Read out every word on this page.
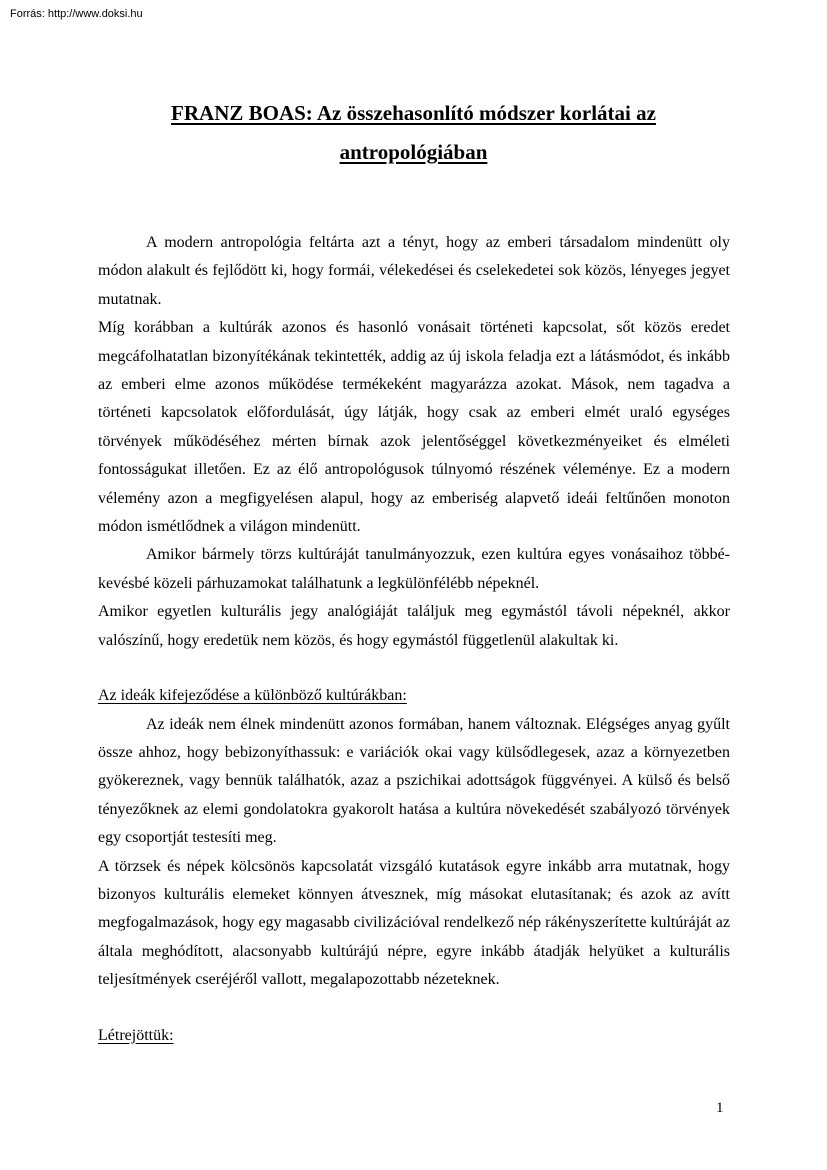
Forrás: http://www.doksi.hu
FRANZ BOAS: Az összehasonlító módszer korlátai az
antropológiában

A modern antropológia feltárta azt a tényt, hogy az emberi társadalom mindenütt oly módon alakult és fejlődött ki, hogy formái, vélekedései és cselekedetei sok közös, lényeges jegyet mutatnak.

Míg korábban a kultúrák azonos és hasonló vonásait történeti kapcsolat, sőt közös eredet megcáfolhatatlan bizonyítékának tekintették, addig az új iskola feladja ezt a látásmódot, és inkább az emberi elme azonos működése termékeként magyarázza azokat. Mások, nem tagadva a történeti kapcsolatok előfordulását, úgy látják, hogy csak az emberi elmét uraló egységes törvények működéséhez mérten bírnak azok jelentőséggel következményeiket és elméleti fontosságukat illetően. Ez az élő antropológusok túlnyomó részének véleménye. Ez a modern vélemény azon a megfigyelésen alapul, hogy az emberiség alapvető ideái feltűnően monoton módon ismétlődnek a világon mindenütt.

Amikor bármely törzs kultúráját tanulmányozzuk, ezen kultúra egyes vonásaihoz többé-kevésbé közeli párhuzamokat találhatunk a legkülönfélébb népeknél.

Amikor egyetlen kulturális jegy analógiáját találjuk meg egymástól távoli népeknél, akkor valószínű, hogy eredetük nem közös, és hogy egymástól függetlenül alakultak ki.

Az ideák kifejeződése a különböző kultúrákban:

Az ideák nem élnek mindenütt azonos formában, hanem változnak. Elégséges anyag gyűlt össze ahhoz, hogy bebizonyíthassuk: e variációk okai vagy külsődlegesek, azaz a környezetben gyökereznek, vagy bennük találhatók, azaz a pszichikai adottságok függvényei. A külső és belső tényezőknek az elemi gondolatokra gyakorolt hatása a kultúra növekedését szabályozó törvények egy csoportját testesíti meg.

A törzsek és népek kölcsönös kapcsolatát vizsgáló kutatások egyre inkább arra mutatnak, hogy bizonyos kulturális elemeket könnyen átvesznek, míg másokat elutasítanak; és azok az avítt megfogalmazások, hogy egy magasabb civilizációval rendelkező nép rákényszerítette kultúráját az általa meghódított, alacsonyabb kultúrájú népre, egyre inkább átadják helyüket a kulturális teljesítmények cseréjéről vallott, megalapozottabb nézeteknek.

Létrejöttük:
1
